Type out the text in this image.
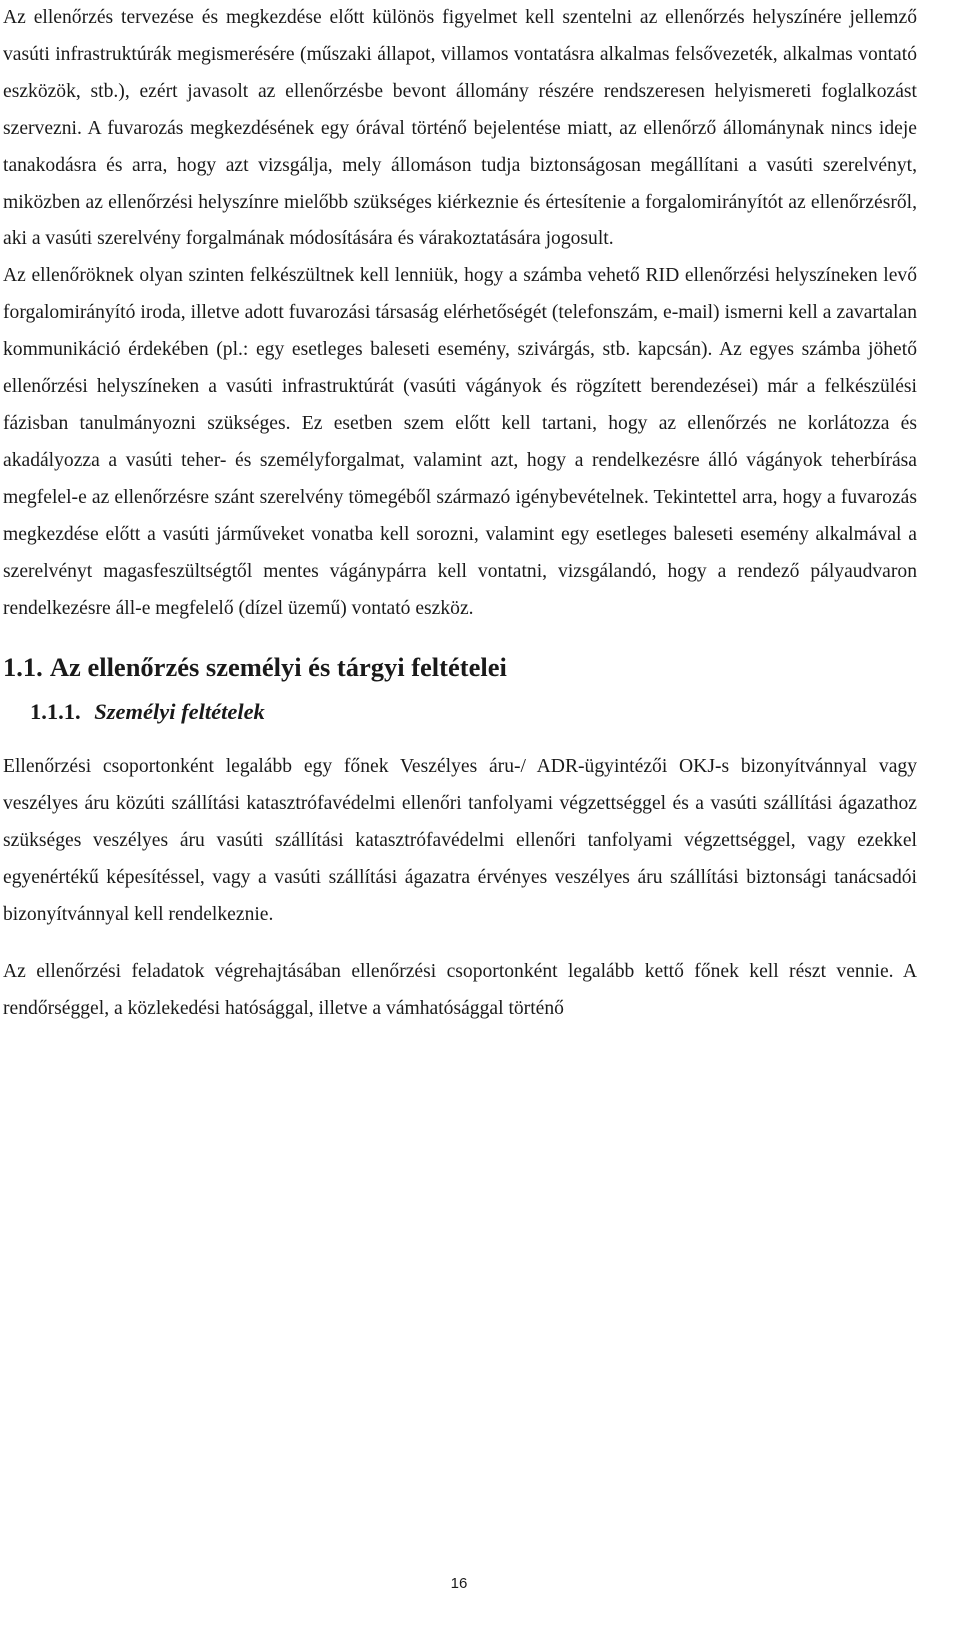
Az ellenőrzés tervezése és megkezdése előtt különös figyelmet kell szentelni az ellenőrzés helyszínére jellemző vasúti infrastruktúrák megismerésére (műszaki állapot, villamos vontatásra alkalmas felsővezeték, alkalmas vontató eszközök, stb.), ezért javasolt az ellenőrzésbe bevont állomány részére rendszeresen helyismereti foglalkozást szervezni. A fuvarozás megkezdésének egy órával történő bejelentése miatt, az ellenőrző állománynak nincs ideje tanakodásra és arra, hogy azt vizsgálja, mely állomáson tudja biztonságosan megállítani a vasúti szerelvényt, miközben az ellenőrzési helyszínre mielőbb szükséges kiérkeznie és értesítenie a forgalomirányítót az ellenőrzésről, aki a vasúti szerelvény forgalmának módosítására és várakoztatására jogosult.

Az ellenőröknek olyan szinten felkészültnek kell lenniük, hogy a számba vehető RID ellenőrzési helyszíneken levő forgalomirányító iroda, illetve adott fuvarozási társaság elérhetőségét (telefonszám, e-mail) ismerni kell a zavartalan kommunikáció érdekében (pl.: egy esetleges baleseti esemény, szivárgás, stb. kapcsán). Az egyes számba jöhető ellenőrzési helyszíneken a vasúti infrastruktúrát (vasúti vágányok és rögzített berendezései) már a felkészülési fázisban tanulmányozni szükséges. Ez esetben szem előtt kell tartani, hogy az ellenőrzés ne korlátozza és akadályozza a vasúti teher- és személyforgalmat, valamint azt, hogy a rendelkezésre álló vágányok teherbírása megfelel-e az ellenőrzésre szánt szerelvény tömegéből származó igénybevételnek. Tekintettel arra, hogy a fuvarozás megkezdése előtt a vasúti járműveket vonatba kell sorozni, valamint egy esetleges baleseti esemény alkalmával a szerelvényt magasfeszültségtől mentes vágánypárra kell vontatni, vizsgálandó, hogy a rendező pályaudvaron rendelkezésre áll-e megfelelő (dízel üzemű) vontató eszköz.

1.1. Az ellenőrzés személyi és tárgyi feltételei
1.1.1. Személyi feltételek

Ellenőrzési csoportonként legalább egy főnek Veszélyes áru-/ ADR-ügyintézői OKJ-s bizonyítvánnyal vagy veszélyes áru közúti szállítási katasztrófavédelmi ellenőri tanfolyami végzettséggel és a vasúti szállítási ágazathoz szükséges veszélyes áru vasúti szállítási katasztrófavédelmi ellenőri tanfolyami végzettséggel, vagy ezekkel egyenértékű képesítéssel, vagy a vasúti szállítási ágazatra érvényes veszélyes áru szállítási biztonsági tanácsadói bizonyítvánnyal kell rendelkeznie.

Az ellenőrzési feladatok végrehajtásában ellenőrzési csoportonként legalább kettő főnek kell részt vennie. A rendőrséggel, a közlekedési hatósággal, illetve a vámhatósággal történő

16
